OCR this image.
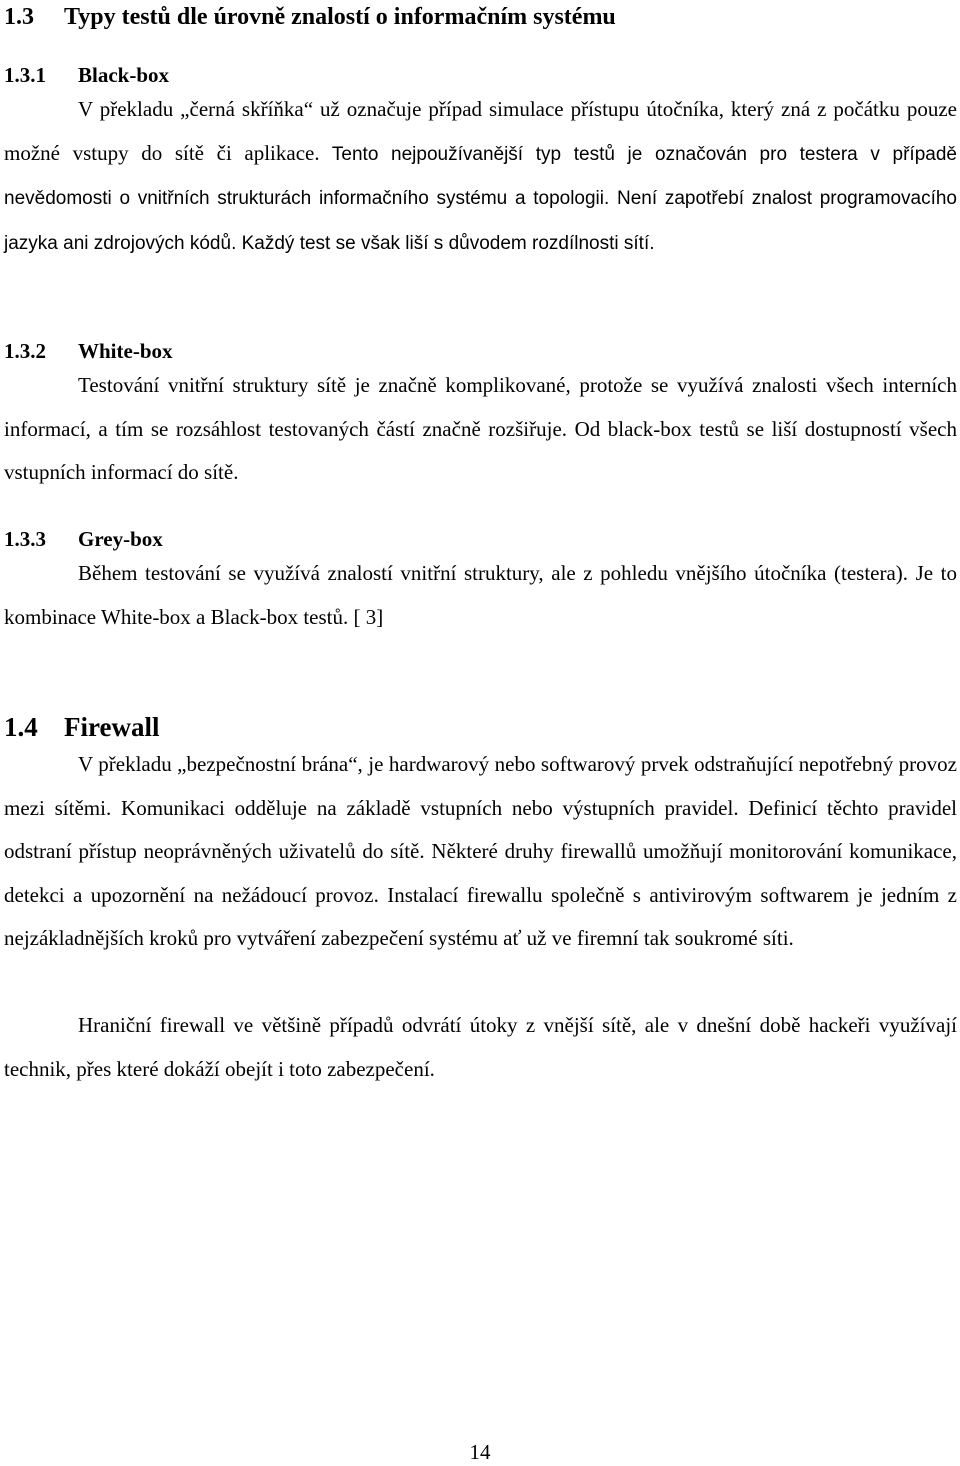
1.3 Typy testů dle úrovně znalostí o informačním systému
1.3.1 Black-box

V překladu „černá skříňka“ už označuje případ simulace přístupu útočníka, který zná z počátku pouze možné vstupy do sítě či aplikace. Tento nejpoužívanější typ testů je označován pro testera v případě nevědomosti o vnitřních strukturách informačního systému a topologii. Není zapotřebí znalost programovacího jazyka ani zdrojových kódů. Každý test se však liší s důvodem rozdílnosti sítí.

1.3.2 White-box

Testování vnitřní struktury sítě je značně komplikované, protože se využívá znalosti všech interních informací, a tím se rozsáhlost testovaných částí značně rozšiřuje. Od black-box testů se liší dostupností všech vstupních informací do sítě.

1.3.3 Grey-box

Během testování se využívá znalostí vnitřní struktury, ale z pohledu vnějšího útočníka (testera). Je to kombinace White-box a Black-box testů. [ 3]

1.4 Firewall

V překladu „bezpečnostní brána“, je hardwarový nebo softwarový prvek odstraňující nepotřebný provoz mezi sítěmi. Komunikaci odděluje na základě vstupních nebo výstupních pravidel. Definicí těchto pravidel odstraní přístup neoprávněných uživatelů do sítě. Některé druhy firewallů umožňují monitorování komunikace, detekci a upozornění na nežádoucí provoz. Instalací firewallu společně s antivirovým softwarem je jedním z nejzákladnějších kroků pro vytváření zabezpečení systému ať už ve firemní tak soukromé síti.

Hraniční firewall ve většině případů odvrátí útoky z vnější sítě, ale v dnešní době hackeři využívají technik, přes které dokáží obejít i toto zabezpečení.

14
